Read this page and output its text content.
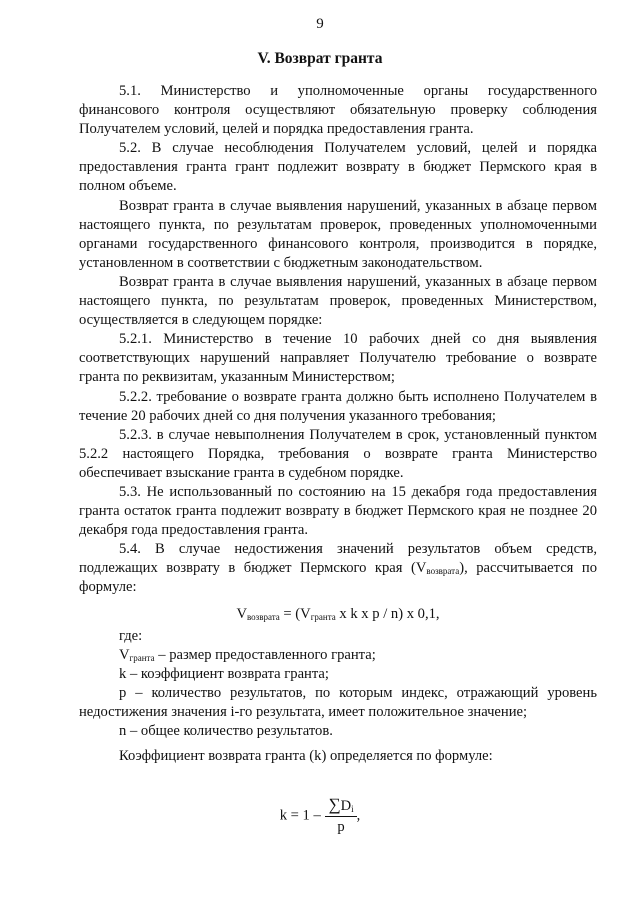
9
V. Возврат гранта

5.1. Министерство и уполномоченные органы государственного финансового контроля осуществляют обязательную проверку соблюдения Получателем условий, целей и порядка предоставления гранта.

5.2. В случае несоблюдения Получателем условий, целей и порядка предоставления гранта грант подлежит возврату в бюджет Пермского края в полном объеме.

Возврат гранта в случае выявления нарушений, указанных в абзаце первом настоящего пункта, по результатам проверок, проведенных уполномоченными органами государственного финансового контроля, производится в порядке, установленном в соответствии с бюджетным законодательством.

Возврат гранта в случае выявления нарушений, указанных в абзаце первом настоящего пункта, по результатам проверок, проведенных Министерством, осуществляется в следующем порядке:

5.2.1. Министерство в течение 10 рабочих дней со дня выявления соответствующих нарушений направляет Получателю требование о возврате гранта по реквизитам, указанным Министерством;

5.2.2. требование о возврате гранта должно быть исполнено Получателем в течение 20 рабочих дней со дня получения указанного требования;

5.2.3. в случае невыполнения Получателем в срок, установленный пунктом 5.2.2 настоящего Порядка, требования о возврате гранта Министерство обеспечивает взыскание гранта в судебном порядке.

5.3. Не использованный по состоянию на 15 декабря года предоставления гранта остаток гранта подлежит возврату в бюджет Пермского края не позднее 20 декабря года предоставления гранта.

5.4. В случае недостижения значений результатов объем средств, подлежащих возврату в бюджет Пермского края $(V_{возврата})$, рассчитывается по формуле:

$V_{возврата} = (V_{гранта}$ x k x p / n) x 0,1,

где:

$V_{гранта}$ – размер предоставленного гранта;

k – коэффициент возврата гранта;

p – количество результатов, по которым индекс, отражающий уровень недостижения значения i-го результата, имеет положительное значение;

n – общее количество результатов.

Коэффициент возврата гранта (k) определяется по формуле:

$k = 1 - \frac{\sum D_i}{p}$ ,
